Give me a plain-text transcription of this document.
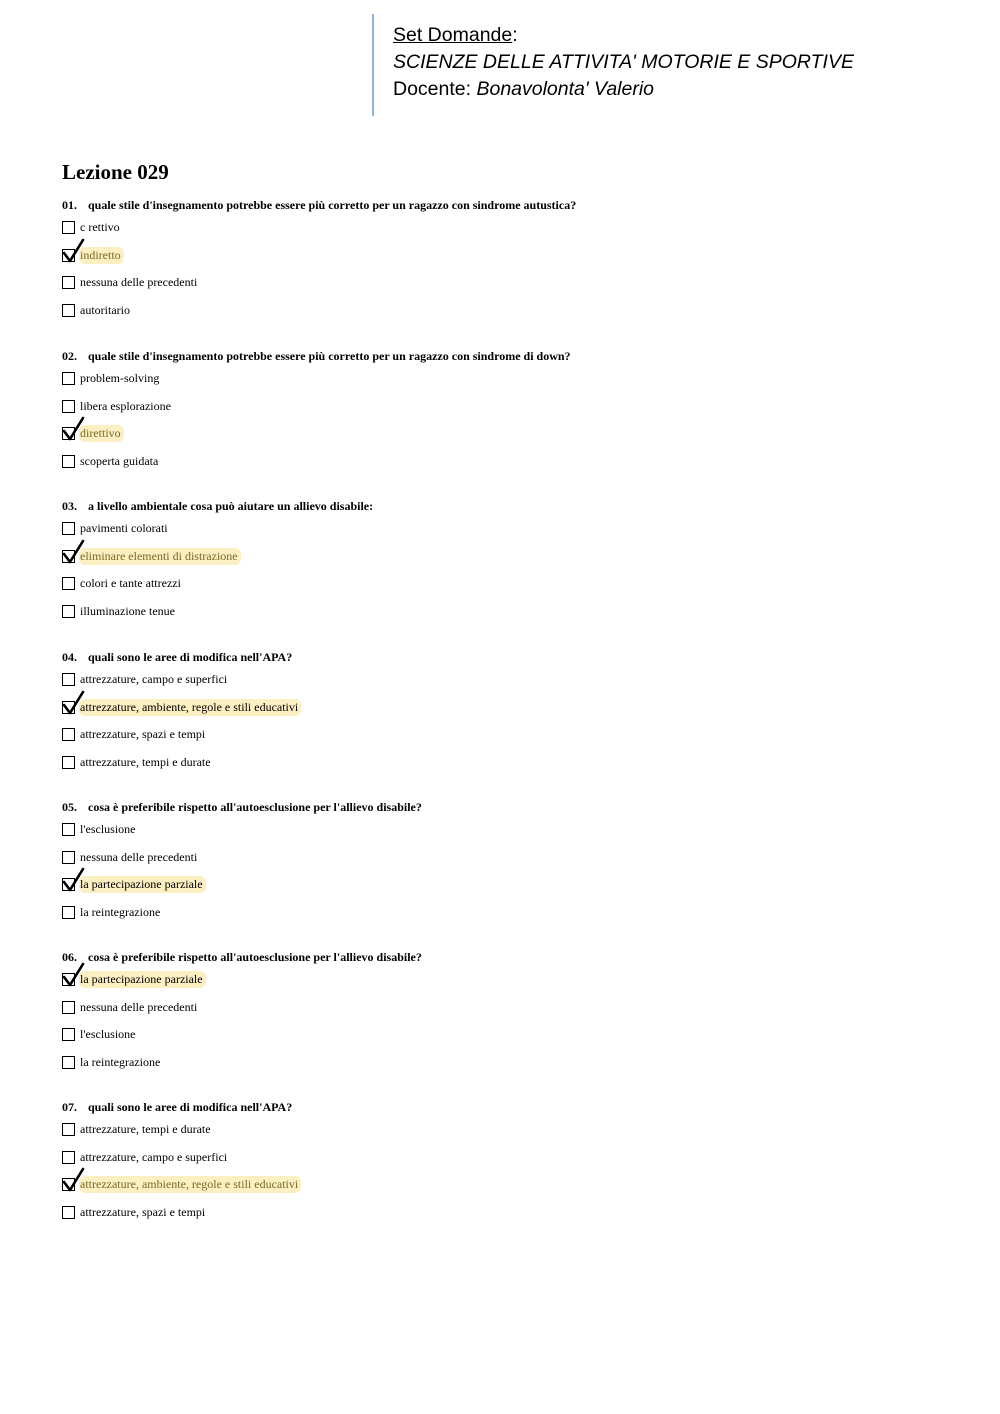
Set Domande:
SCIENZE DELLE ATTIVITA' MOTORIE E SPORTIVE
Docente: Bonavolonta' Valerio
Lezione 029
01. quale stile d'insegnamento potrebbe essere più corretto per un ragazzo con sindrome autustica?
c rettivo
indiretto
nessuna delle precedenti
autoritario
02. quale stile d'insegnamento potrebbe essere più corretto per un ragazzo con sindrome di down?
problem-solving
libera esplorazione
direttivo
scoperta guidata
03. a livello ambientale cosa può aiutare un allievo disabile:
pavimenti colorati
eliminare elementi di distrazione
colori e tante attrezzi
illuminazione tenue
04. quali sono le aree di modifica nell'APA?
attrezzature, campo e superfici
attrezzature, ambiente, regole e stili educativi
attrezzature, spazi e tempi
attrezzature, tempi e durate
05. cosa è preferibile rispetto all'autoesclusione per l'allievo disabile?
l'esclusione
nessuna delle precedenti
la partecipazione parziale
la reintegrazione
06. cosa è preferibile rispetto all'autoesclusione per l'allievo disabile?
la partecipazione parziale
nessuna delle precedenti
l'esclusione
la reintegrazione
07. quali sono le aree di modifica nell'APA?
attrezzature, tempi e durate
attrezzature, campo e superfici
attrezzature, ambiente, regole e stili educativi
attrezzature, spazi e tempi
